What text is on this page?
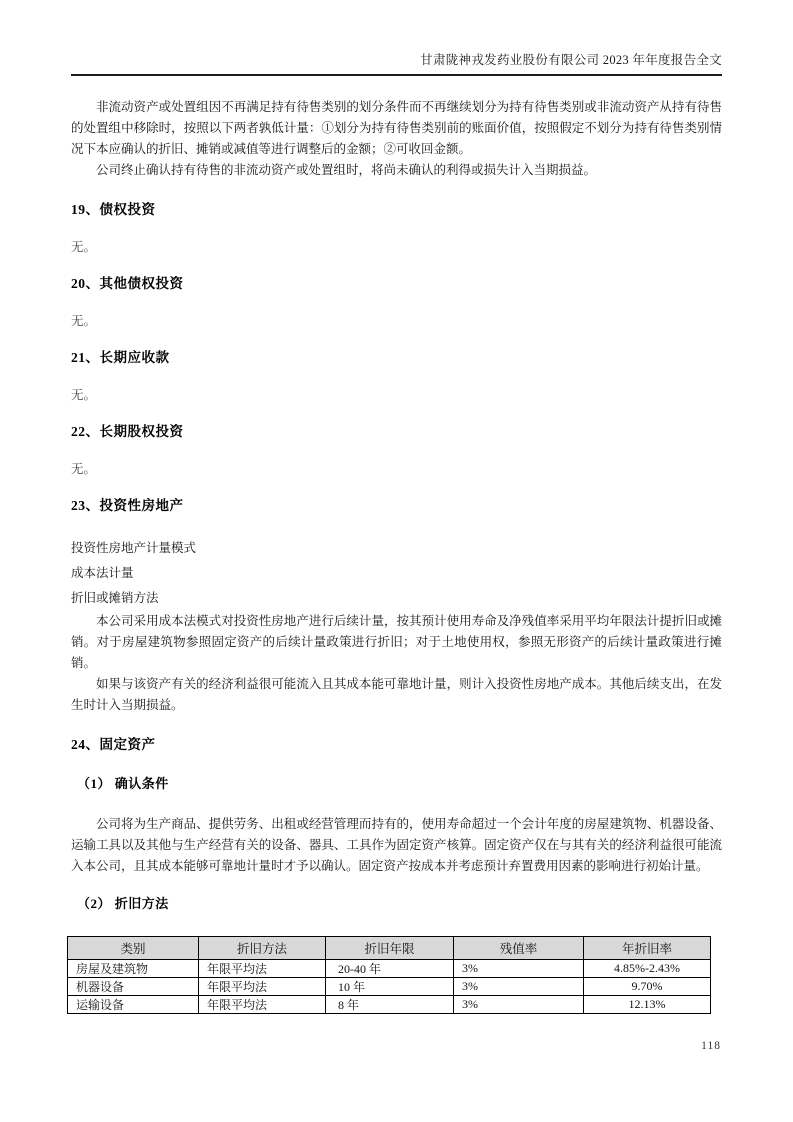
甘肃陇神戎发药业股份有限公司 2023 年年度报告全文

非流动资产或处置组因不再满足持有待售类别的划分条件而不再继续划分为持有待售类别或非流动资产从持有待售的处置组中移除时，按照以下两者孰低计量：①划分为持有待售类别前的账面价值，按照假定不划分为持有待售类别情况下本应确认的折旧、摊销或减值等进行调整后的金额；②可收回金额。

公司终止确认持有待售的非流动资产或处置组时，将尚未确认的利得或损失计入当期损益。

19、债权投资

无。

20、其他债权投资

无。

21、长期应收款

无。

22、长期股权投资

无。

23、投资性房地产

投资性房地产计量模式

成本法计量

折旧或摊销方法

本公司采用成本法模式对投资性房地产进行后续计量，按其预计使用寿命及净残值率采用平均年限法计提折旧或摊销。对于房屋建筑物参照固定资产的后续计量政策进行折旧；对于土地使用权，参照无形资产的后续计量政策进行摊销。

如果与该资产有关的经济利益很可能流入且其成本能可靠地计量，则计入投资性房地产成本。其他后续支出，在发生时计入当期损益。

24、固定资产
（1） 确认条件

公司将为生产商品、提供劳务、出租或经营管理而持有的，使用寿命超过一个会计年度的房屋建筑物、机器设备、运输工具以及其他与生产经营有关的设备、器具、工具作为固定资产核算。固定资产仅在与其有关的经济利益很可能流入本公司，且其成本能够可靠地计量时才予以确认。固定资产按成本并考虑预计弃置费用因素的影响进行初始计量。

（2） 折旧方法
类别	折旧方法	折旧年限	残值率	年折旧率
房屋及建筑物	年限平均法	20-40 年	3%	4.85%-2.43%
机器设备	年限平均法	10 年	3%	9.70%
运输设备	年限平均法	8 年	3%	12.13%
118
